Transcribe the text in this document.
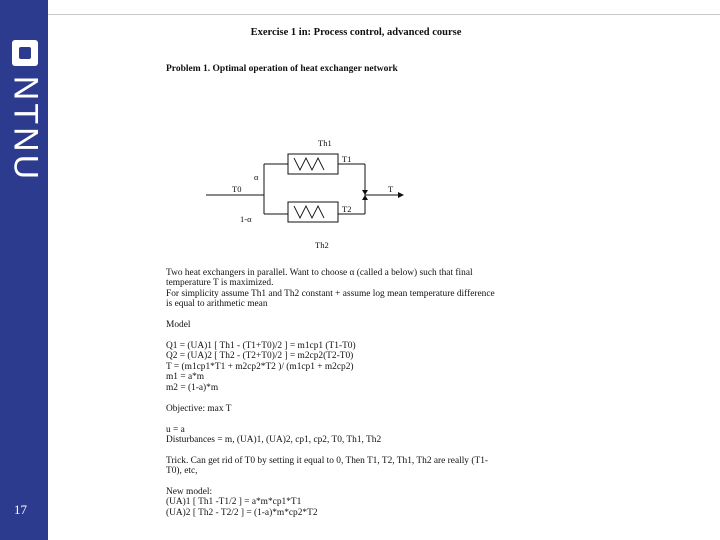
NTNU
17
Exercise 1 in: Process control, advanced course
Problem 1. Optimal operation of heat exchanger network
Th1
T1
α
T0	T
1-α
T2
Th2
Two heat exchangers in parallel. Want to choose α (called a below) such that final
temperature T is maximized.
For simplicity assume Th1 and Th2 constant + assume log mean temperature difference
is equal to arithmetic mean
Model
Q1 = (UA)1 [ Th1 - (T1+T0)/2 ] = m1cp1 (T1-T0)
Q2 = (UA)2 [ Th2 - (T2+T0)/2 ] = m2cp2(T2-T0)
T = (m1cp1*T1 + m2cp2*T2 )/ (m1cp1 + m2cp2)
m1 = a*m
m2 = (1-a)*m
Objective: max T
u = a
Disturbances = m, (UA)1, (UA)2, cp1, cp2, T0, Th1, Th2
Trick. Can get rid of T0 by setting it equal to 0, Then T1, T2, Th1, Th2 are really (T1-
T0), etc,
New model:
(UA)1 [ Th1 -T1/2 ] = a*m*cp1*T1
(UA)2 [ Th2 - T2/2 ] = (1-a)*m*cp2*T2
